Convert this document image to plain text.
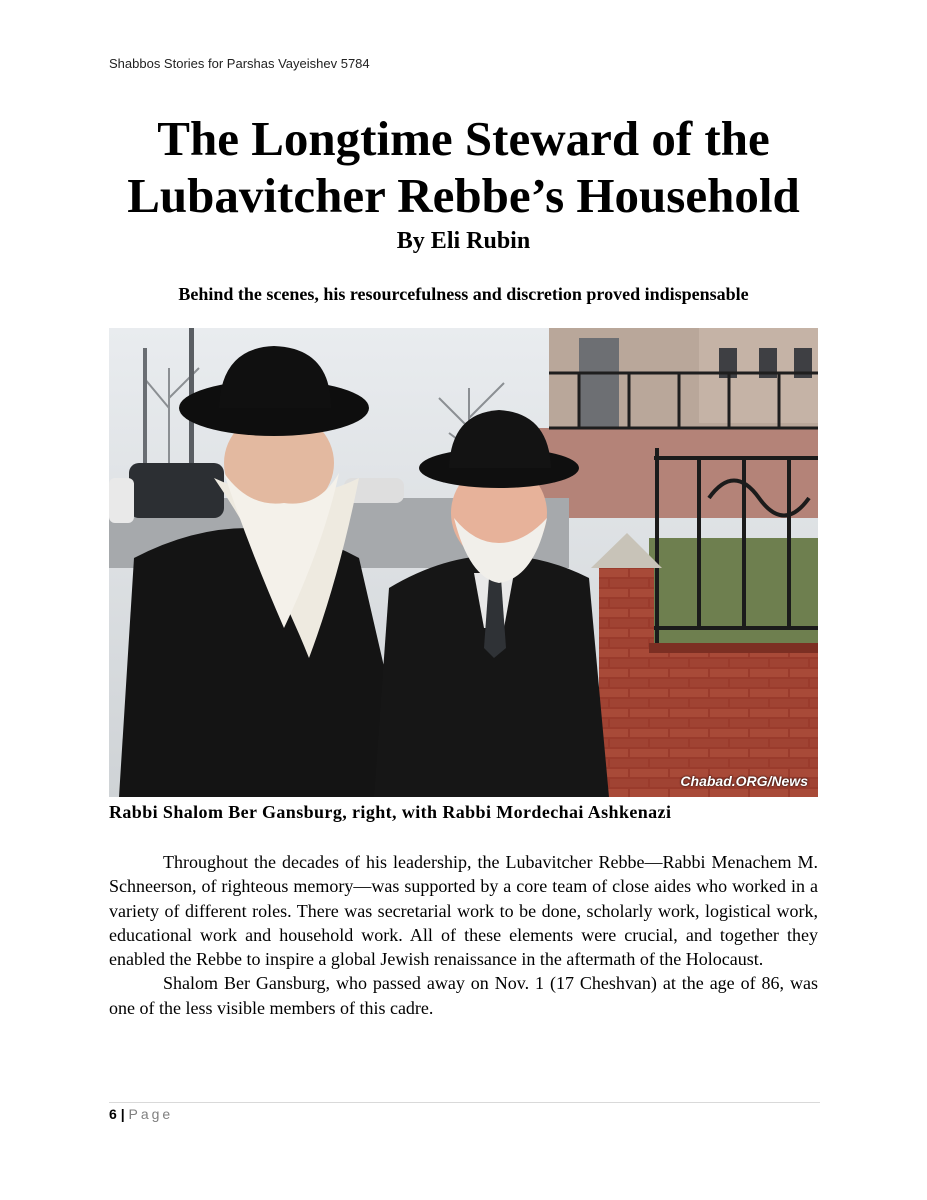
Shabbos Stories for Parshas Vayeishev 5784
The Longtime Steward of the
Lubavitcher Rebbe’s Household
By Eli Rubin
Behind the scenes, his resourcefulness and discretion proved indispensable
Chabad.ORG/News
Rabbi Shalom Ber Gansburg, right, with Rabbi Mordechai Ashkenazi

Throughout the decades of his leadership, the Lubavitcher Rebbe—Rabbi Menachem M. Schneerson, of righteous memory—was supported by a core team of close aides who worked in a variety of different roles. There was secretarial work to be done, scholarly work, logistical work, educational work and household work. All of these elements were crucial, and together they enabled the Rebbe to inspire a global Jewish renaissance in the aftermath of the Holocaust.

Shalom Ber Gansburg, who passed away on Nov. 1 (17 Cheshvan) at the age of 86, was one of the less visible members of this cadre.

6 | Page
